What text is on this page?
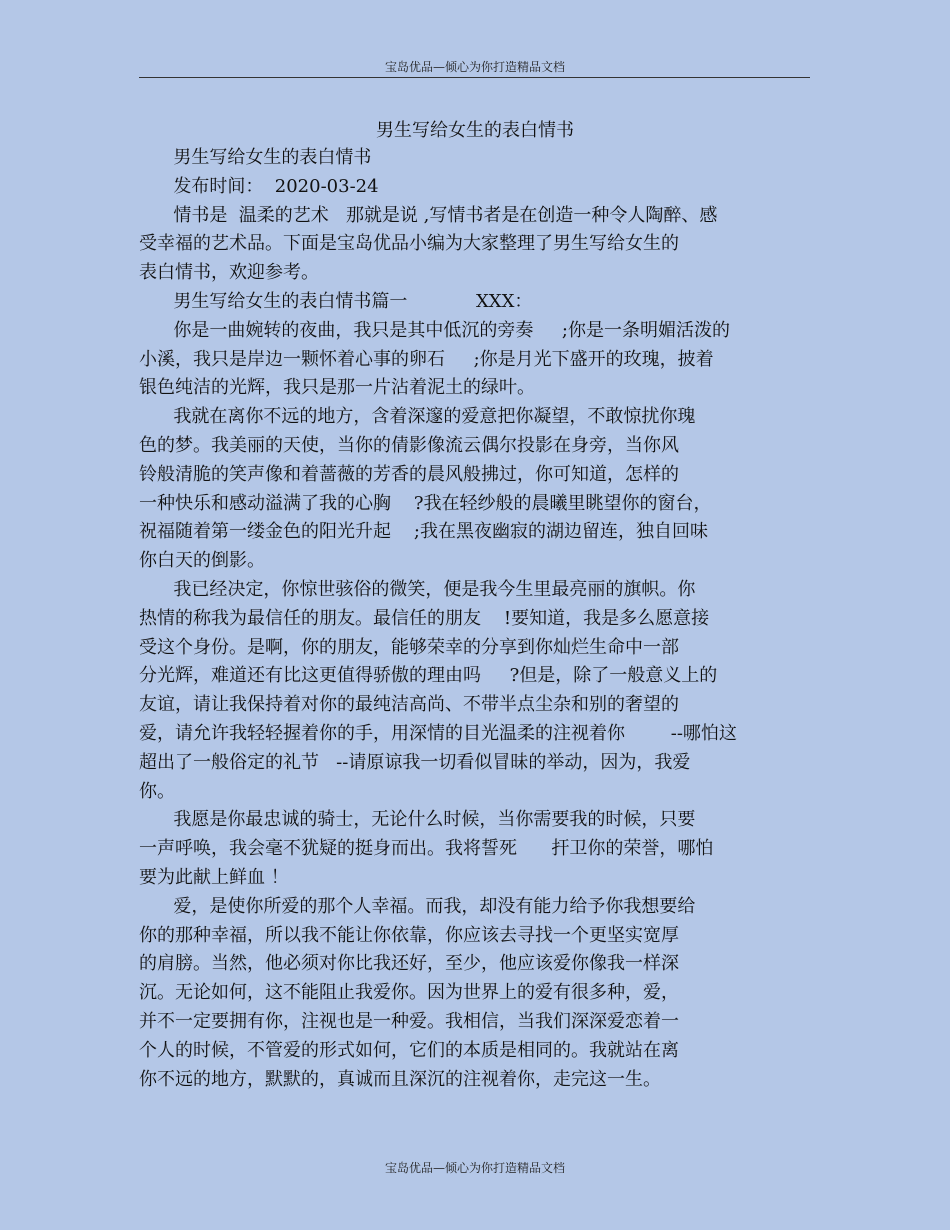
宝岛优品—倾心为你打造精品文档
男生写给女生的表白情书
男生写给女生的表白情书
发布时间：  2020-03-24
情书是  温柔的艺术   那就是说 ,写情书者是在创造一种令人陶醉、感
受幸福的艺术品。下面是宝岛优品小编为大家整理了男生写给女生的
表白情书，欢迎参考。
男生写给女生的表白情书篇一            XXX：
你是一曲婉转的夜曲，我只是其中低沉的旁奏     ;你是一条明媚活泼的
小溪，我只是岸边一颗怀着心事的卵石     ;你是月光下盛开的玫瑰，披着
银色纯洁的光辉，我只是那一片沾着泥土的绿叶。
我就在离你不远的地方，含着深邃的爱意把你凝望，不敢惊扰你瑰
色的梦。我美丽的天使，当你的倩影像流云偶尔投影在身旁，当你风
铃般清脆的笑声像和着蔷薇的芳香的晨风般拂过，你可知道，怎样的
一种快乐和感动溢满了我的心胸    ?我在轻纱般的晨曦里眺望你的窗台，
祝福随着第一缕金色的阳光升起    ;我在黑夜幽寂的湖边留连，独自回味
你白天的倒影。
我已经决定，你惊世骇俗的微笑，便是我今生里最亮丽的旗帜。你
热情的称我为最信任的朋友。最信任的朋友    !要知道，我是多么愿意接
受这个身份。是啊，你的朋友，能够荣幸的分享到你灿烂生命中一部
分光辉，难道还有比这更值得骄傲的理由吗     ?但是，除了一般意义上的
友谊，请让我保持着对你的最纯洁高尚、不带半点尘杂和别的奢望的
爱，请允许我轻轻握着你的手，用深情的目光温柔的注视着你        --哪怕这
超出了一般俗定的礼节   --请原谅我一切看似冒昧的举动，因为，我爱
你。
我愿是你最忠诚的骑士，无论什么时候，当你需要我的时候，只要
一声呼唤，我会毫不犹疑的挺身而出。我将誓死      扞卫你的荣誉，哪怕
要为此献上鲜血 ！
爱，是使你所爱的那个人幸福。而我，却没有能力给予你我想要给
你的那种幸福，所以我不能让你依靠，你应该去寻找一个更坚实宽厚
的肩膀。当然，他必须对你比我还好，至少，他应该爱你像我一样深
沉。无论如何，这不能阻止我爱你。因为世界上的爱有很多种，爱，
并不一定要拥有你，注视也是一种爱。我相信，当我们深深爱恋着一
个人的时候，不管爱的形式如何，它们的本质是相同的。我就站在离
你不远的地方，默默的，真诚而且深沉的注视着你，走完这一生。
宝岛优品—倾心为你打造精品文档
